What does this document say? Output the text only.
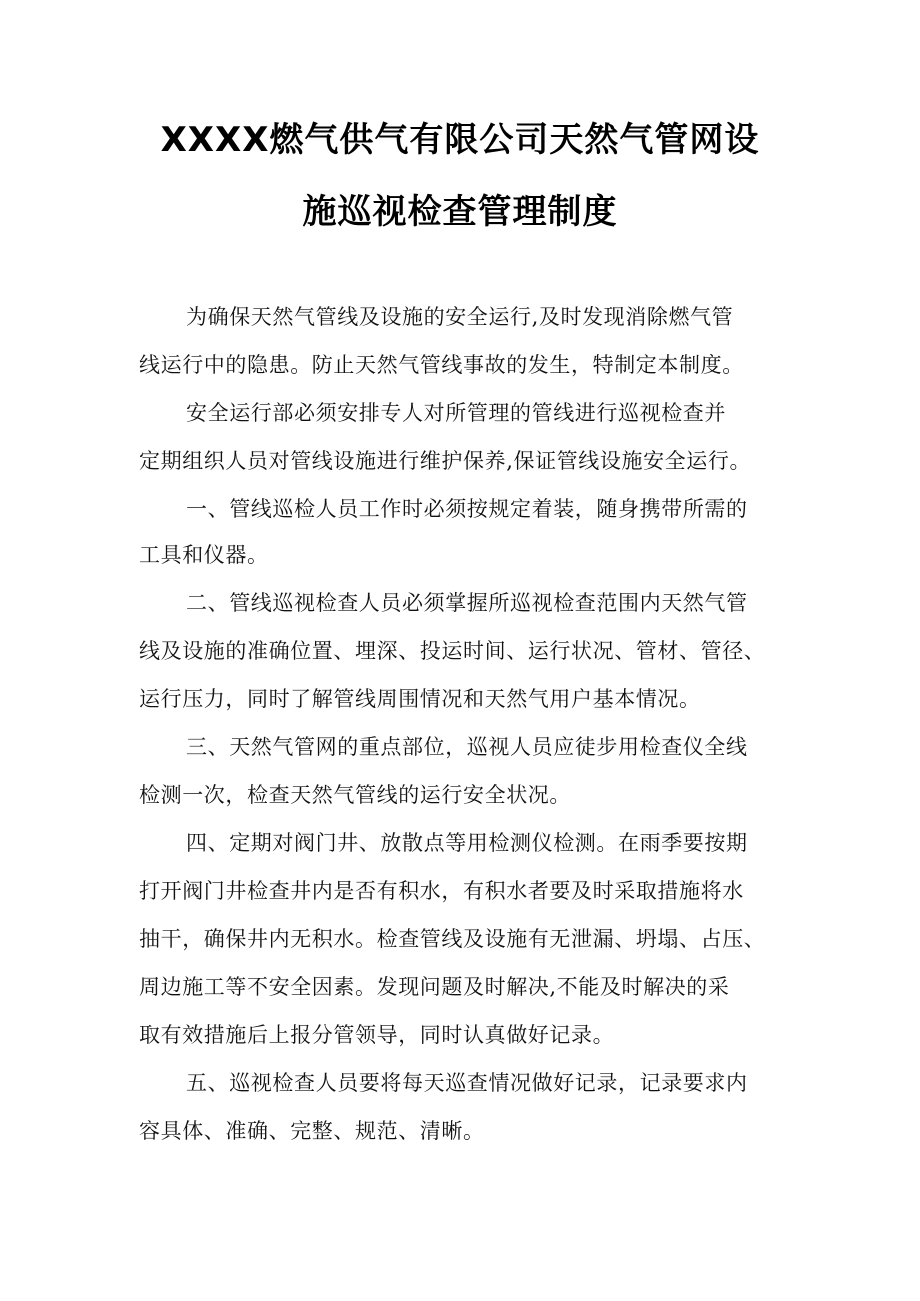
XXXX燃气供气有限公司天然气管网设
施巡视检查管理制度
为确保天然气管线及设施的安全运行,及时发现消除燃气管
线运行中的隐患。防止天然气管线事故的发生，特制定本制度。
安全运行部必须安排专人对所管理的管线进行巡视检查并
定期组织人员对管线设施进行维护保养,保证管线设施安全运行。
一、管线巡检人员工作时必须按规定着装，随身携带所需的
工具和仪器。
二、管线巡视检查人员必须掌握所巡视检查范围内天然气管
线及设施的准确位置、埋深、投运时间、运行状况、管材、管径、
运行压力，同时了解管线周围情况和天然气用户基本情况。
三、天然气管网的重点部位，巡视人员应徒步用检查仪全线
检测一次，检查天然气管线的运行安全状况。
四、定期对阀门井、放散点等用检测仪检测。在雨季要按期
打开阀门井检查井内是否有积水，有积水者要及时采取措施将水
抽干，确保井内无积水。检查管线及设施有无泄漏、坍塌、占压、
周边施工等不安全因素。发现问题及时解决,不能及时解决的采
取有效措施后上报分管领导，同时认真做好记录。
五、巡视检查人员要将每天巡查情况做好记录，记录要求内
容具体、准确、完整、规范、清晰。
